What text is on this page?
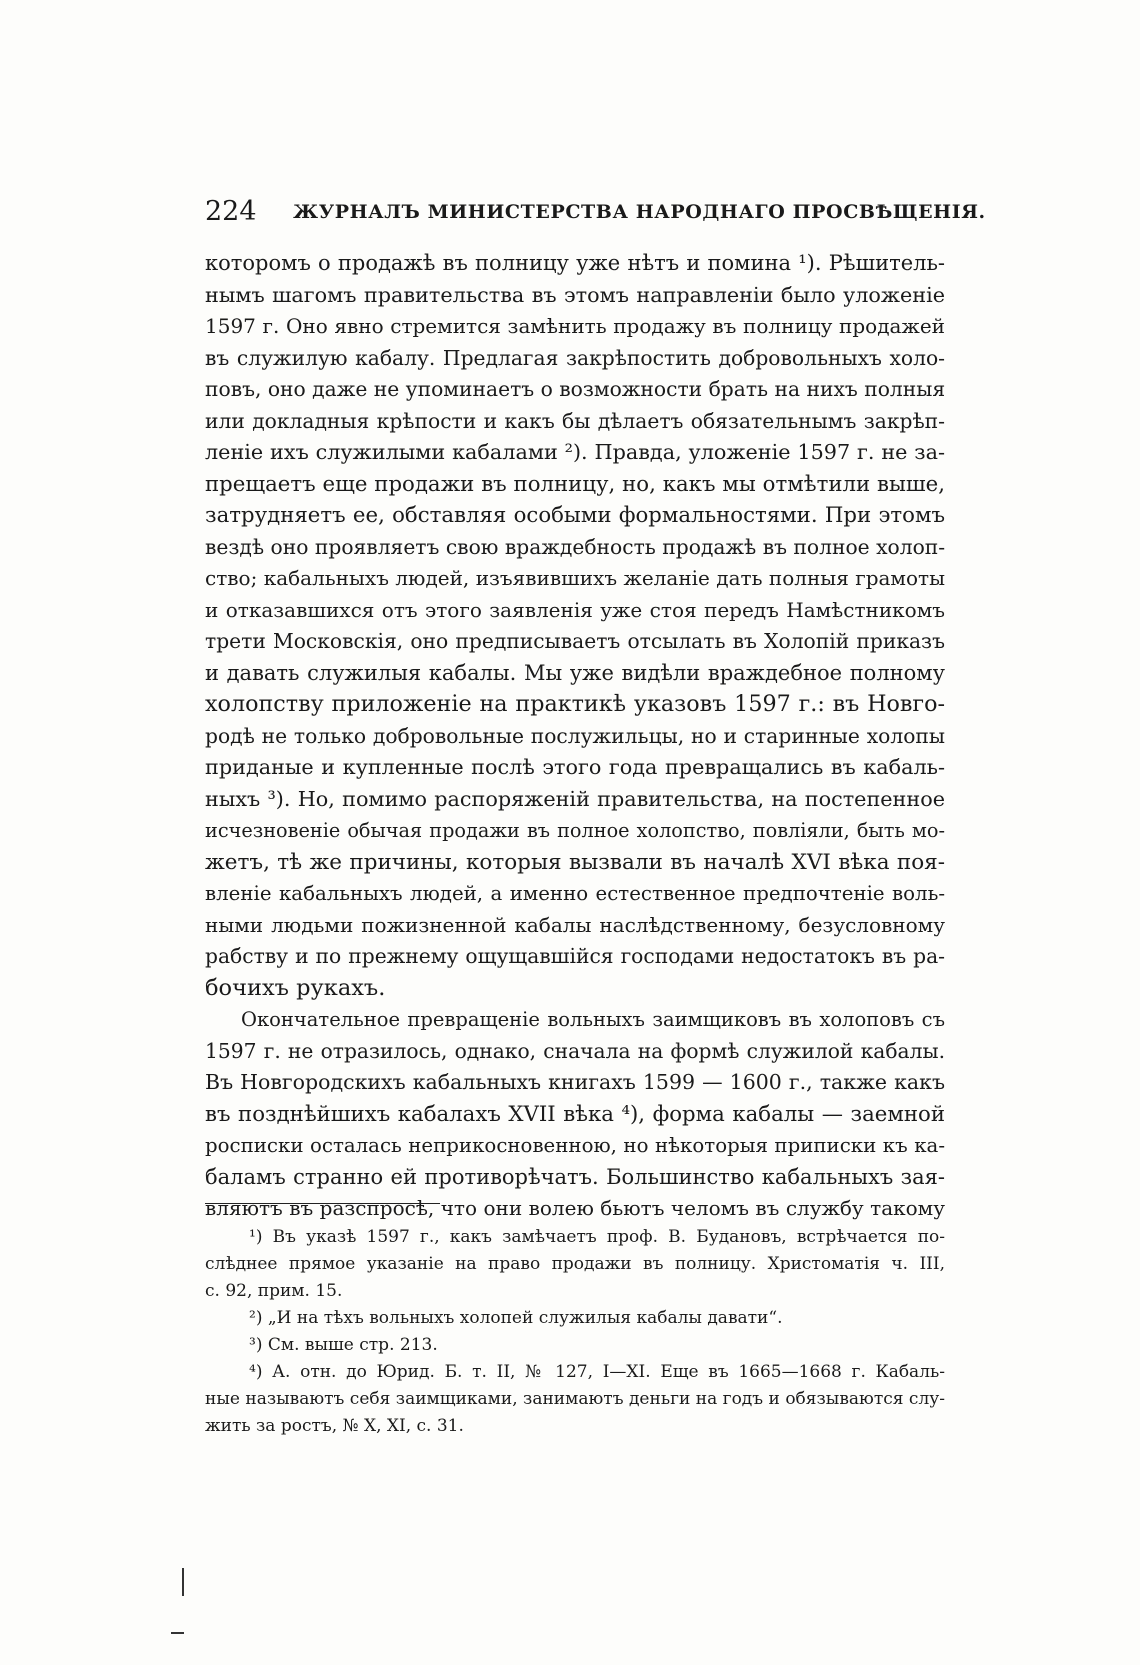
224 ЖУРНАЛЪ МИНИСТЕРСТВА НАРОДНАГО ПРОСВѢЩЕНІЯ.
которомъ о продажѣ въ полницу уже нѣтъ и помина ¹). Рѣшитель-
нымъ шагомъ правительства въ этомъ направленіи было уложеніе
1597 г. Оно явно стремится замѣнить продажу въ полницу продажей
въ служилую кабалу. Предлагая закрѣпостить добровольныхъ холо-
повъ, оно даже не упоминаетъ о возможности брать на нихъ полныя
или докладныя крѣпости и какъ бы дѣлаетъ обязательнымъ закрѣп-
леніе ихъ служилыми кабалами ²). Правда, уложеніе 1597 г. не за-
прещаетъ еще продажи въ полницу, но, какъ мы отмѣтили выше,
затрудняетъ ее, обставляя особыми формальностями. При этомъ
вездѣ оно проявляетъ свою враждебность продажѣ въ полное холоп-
ство; кабальныхъ людей, изъявившихъ желаніе дать полныя грамоты
и отказавшихся отъ этого заявленія уже стоя передъ Намѣстникомъ
трети Московскія, оно предписываетъ отсылать въ Холопій приказъ
и давать служилыя кабалы. Мы уже видѣли враждебное полному
холопству приложеніе на практикѣ указовъ 1597 г.: въ Новго-
родѣ не только добровольные послужильцы, но и старинные холопы
приданые и купленные послѣ этого года превращались въ кабаль-
ныхъ ³). Но, помимо распоряженій правительства, на постепенное
исчезновеніе обычая продажи въ полное холопство, повліяли, быть мо-
жетъ, тѣ же причины, которыя вызвали въ началѣ XVI вѣка поя-
вленіе кабальныхъ людей, а именно естественное предпочтеніе воль-
ными людьми пожизненной кабалы наслѣдственному, безусловному
рабству и по прежнему ощущавшійся господами недостатокъ въ ра-
бочихъ рукахъ.
Окончательное превращеніе вольныхъ заимщиковъ въ холоповъ съ
1597 г. не отразилось, однако, сначала на формѣ служилой кабалы.
Въ Новгородскихъ кабальныхъ книгахъ 1599 — 1600 г., также какъ
въ позднѣйшихъ кабалахъ XVII вѣка ⁴), форма кабалы — заемной
росписки осталась неприкосновенною, но нѣкоторыя приписки къ ка-
баламъ странно ей противорѣчатъ. Большинство кабальныхъ зая-
вляютъ въ разспросѣ, что они волею бьютъ челомъ въ службу такому
¹) Въ указѣ 1597 г., какъ замѣчаетъ проф. В. Будановъ, встрѣчается по-
слѣднее прямое указаніе на право продажи въ полницу. Христоматія ч. III,
с. 92, прим. 15.
²) „И на тѣхъ вольныхъ холопей служилыя кабалы давати“.
³) См. выше стр. 213.
⁴) А. отн. до Юрид. Б. т. II, № 127, I—XI. Еще въ 1665—1668 г. Кабаль-
ные называютъ себя заимщиками, занимаютъ деньги на годъ и обязываются слу-
жить за ростъ, № X, XI, с. 31.
